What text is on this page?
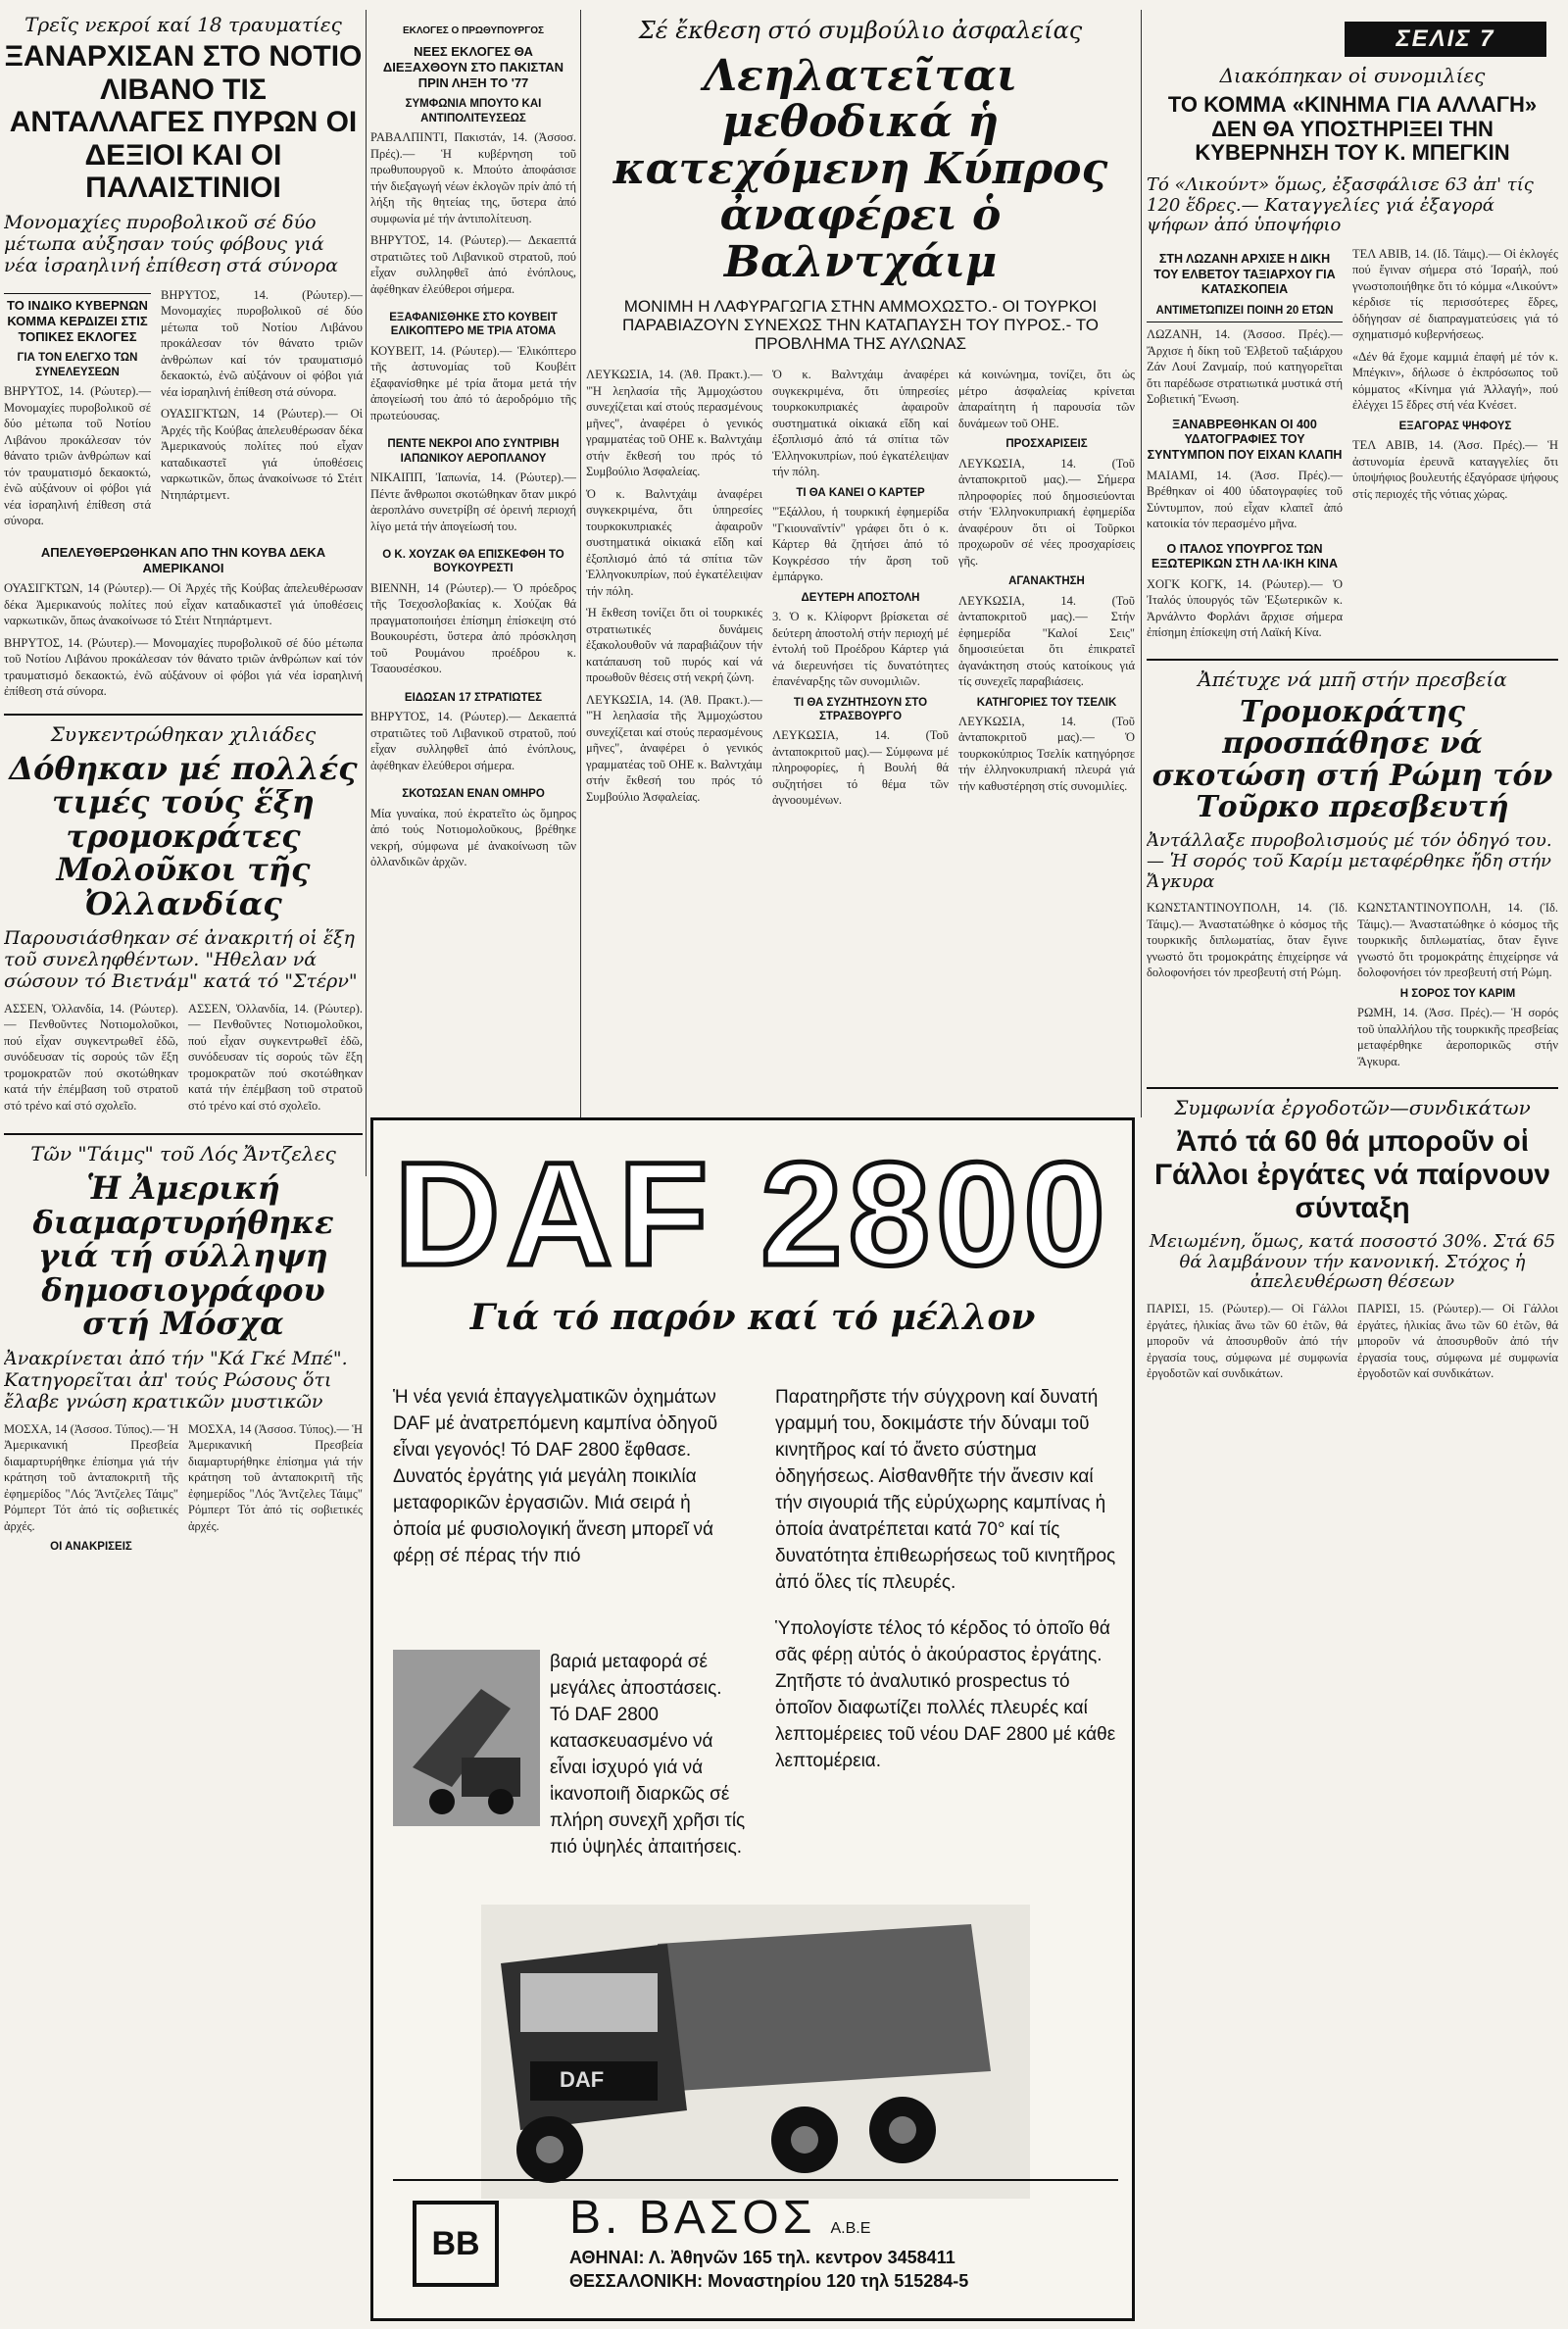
Τρεῖς νεκροί καί 18 τραυματίες
ΞΑΝΑΡΧΙΣΑΝ ΣΤΟ ΝΟΤΙΟ ΛΙΒΑΝΟ ΤΙΣ ΑΝΤΑΛΛΑΓΕΣ ΠΥΡΩΝ ΟΙ ΔΕΞΙΟΙ ΚΑΙ ΟΙ ΠΑΛΑΙΣΤΙΝΙΟΙ
Μονομαχίες πυροβολικοῦ σέ δύο μέτωπα αὐξησαν τούς φόβους γιά νέα ἰσραηλινή ἐπίθεση στά σύνορα
ΤΟ ΙΝΔΙΚΟ ΚΥΒΕΡΝΩΝ ΚΟΜΜΑ ΚΕΡΔΙΖΕΙ ΣΤΙΣ ΤΟΠΙΚΕΣ ΕΚΛΟΓΕΣ
ΓΙΑ ΤΟΝ ΕΛΕΓΧΟ ΤΩΝ ΣΥΝΕΛΕΥΣΕΩΝ

ΒΗΡΥΤΟΣ, 14. (Ρώυτερ).— Μονομαχίες πυροβολικοῦ σέ δύο μέτωπα τοῦ Νοτίου Λιβάνου προκάλεσαν τόν θάνατο τριῶν ἀνθρώπων καί τόν τραυματισμό δεκαοκτώ, ἐνῶ αὐξάνουν οἱ φόβοι γιά νέα ἰσραηλινή ἐπίθεση στά σύνορα.

ΒΗΡΥΤΟΣ, 14. (Ρώυτερ).— Μονομαχίες πυροβολικοῦ σέ δύο μέτωπα τοῦ Νοτίου Λιβάνου προκάλεσαν τόν θάνατο τριῶν ἀνθρώπων καί τόν τραυματισμό δεκαοκτώ, ἐνῶ αὐξάνουν οἱ φόβοι γιά νέα ἰσραηλινή ἐπίθεση στά σύνορα.

ΟΥΑΣΙΓΚΤΩΝ, 14 (Ρώυτερ).— Οἱ Ἀρχές τῆς Κούβας ἀπελευθέρωσαν δέκα Ἀμερικανούς πολίτες πού εἶχαν καταδικαστεῖ γιά ὑποθέσεις ναρκωτικῶν, ὅπως ἀνακοίνωσε τό Στέιτ Ντηπάρτμεντ.

ΑΠΕΛΕΥΘΕΡΩΘΗΚΑΝ ΑΠΟ ΤΗΝ ΚΟΥΒΑ ΔΕΚΑ ΑΜΕΡΙΚΑΝΟΙ

ΟΥΑΣΙΓΚΤΩΝ, 14 (Ρώυτερ).— Οἱ Ἀρχές τῆς Κούβας ἀπελευθέρωσαν δέκα Ἀμερικανούς πολίτες πού εἶχαν καταδικαστεῖ γιά ὑποθέσεις ναρκωτικῶν, ὅπως ἀνακοίνωσε τό Στέιτ Ντηπάρτμεντ.

ΒΗΡΥΤΟΣ, 14. (Ρώυτερ).— Μονομαχίες πυροβολικοῦ σέ δύο μέτωπα τοῦ Νοτίου Λιβάνου προκάλεσαν τόν θάνατο τριῶν ἀνθρώπων καί τόν τραυματισμό δεκαοκτώ, ἐνῶ αὐξάνουν οἱ φόβοι γιά νέα ἰσραηλινή ἐπίθεση στά σύνορα.

Συγκεντρώθηκαν χιλιάδες
Δόθηκαν μέ πολλές τιμές τούς ἕξη τρομοκράτες Μολοῦκοι τῆς Ὀλλανδίας
Παρουσιάσθηκαν σέ ἀνακριτή οἱ ἕξη τοῦ συνεληφθέντων. "Ηθελαν νά σώσουν τό Βιετνάμ" κατά τό "Στέρν"

ΑΣΣΕΝ, Ὀλλανδία, 14. (Ρώυτερ).— Πενθοῦντες Νοτιομολοῦκοι, πού εἶχαν συγκεντρωθεῖ ἐδῶ, συνόδευσαν τίς σορούς τῶν ἕξη τρομοκρατῶν πού σκοτώθηκαν κατά τήν ἐπέμβαση τοῦ στρατοῦ στό τρένο καί στό σχολεῖο.

ΑΣΣΕΝ, Ὀλλανδία, 14. (Ρώυτερ).— Πενθοῦντες Νοτιομολοῦκοι, πού εἶχαν συγκεντρωθεῖ ἐδῶ, συνόδευσαν τίς σορούς τῶν ἕξη τρομοκρατῶν πού σκοτώθηκαν κατά τήν ἐπέμβαση τοῦ στρατοῦ στό τρένο καί στό σχολεῖο.

Τῶν "Τάιμς" τοῦ Λός Ἄντζελες
Ἡ Ἀμερική διαμαρτυρήθηκε γιά τή σύλληψη δημοσιογράφου στή Μόσχα
Ἀνακρίνεται ἀπό τήν "Κά Γκέ Μπέ". Κατηγορεῖται ἀπ' τούς Ρώσους ὅτι ἔλαβε γνώση κρατικῶν μυστικῶν

ΜΟΣΧΑ, 14 (Ἀσσοσ. Τύπος).— Ἡ Ἀμερικανική Πρεσβεία διαμαρτυρήθηκε ἐπίσημα γιά τήν κράτηση τοῦ ἀνταποκριτῆ τῆς ἐφημερίδος "Λός Ἄντζελες Τάιμς" Ρόμπερτ Τότ ἀπό τίς σοβιετικές ἀρχές.

ΟΙ ΑΝΑΚΡΙΣΕΙΣ

ΜΟΣΧΑ, 14 (Ἀσσοσ. Τύπος).— Ἡ Ἀμερικανική Πρεσβεία διαμαρτυρήθηκε ἐπίσημα γιά τήν κράτηση τοῦ ἀνταποκριτῆ τῆς ἐφημερίδος "Λός Ἄντζελες Τάιμς" Ρόμπερτ Τότ ἀπό τίς σοβιετικές ἀρχές.

ΕΚΛΟΓΕΣ Ο ΠΡΩΘΥΠΟΥΡΓΟΣ
ΝΕΕΣ ΕΚΛΟΓΕΣ ΘΑ ΔΙΕΞΑΧΘΟΥΝ ΣΤΟ ΠΑΚΙΣΤΑΝ ΠΡΙΝ ΛΗΞΗ ΤΟ '77
ΣΥΜΦΩΝΙΑ ΜΠΟΥΤΟ ΚΑΙ ΑΝΤΙΠΟΛΙΤΕΥΣΕΩΣ

ΡΑΒΑΛΠΙΝΤΙ, Πακιστάν, 14. (Ἀσσοσ. Πρές).— Ἡ κυβέρνηση τοῦ πρωθυπουργοῦ κ. Μπούτο ἀποφάσισε τήν διεξαγωγή νέων ἐκλογῶν πρίν ἀπό τή λήξη τῆς θητείας της, ὕστερα ἀπό συμφωνία μέ τήν ἀντιπολίτευση.

ΒΗΡΥΤΟΣ, 14. (Ρώυτερ).— Δεκαεπτά στρατιῶτες τοῦ Λιβανικοῦ στρατοῦ, πού εἶχαν συλληφθεῖ ἀπό ἐνόπλους, ἀφέθηκαν ἐλεύθεροι σήμερα.

ΕΞΑΦΑΝΙΣΘΗΚΕ ΣΤΟ ΚΟΥΒΕΙΤ ΕΛΙΚΟΠΤΕΡΟ ΜΕ ΤΡΙΑ ΑΤΟΜΑ

ΚΟΥΒΕΙΤ, 14. (Ρώυτερ).— Ἑλικόπτερο τῆς ἀστυνομίας τοῦ Κουβέιτ ἐξαφανίσθηκε μέ τρία ἄτομα μετά τήν ἀπογείωσή του ἀπό τό ἀεροδρόμιο τῆς πρωτεύουσας.

ΠΕΝΤΕ ΝΕΚΡΟΙ ΑΠΟ ΣΥΝΤΡΙΒΗ ΙΑΠΩΝΙΚΟΥ ΑΕΡΟΠΛΑΝΟΥ

ΝΙΚΑΙΠΠ, Ἰαπωνία, 14. (Ρώυτερ).— Πέντε ἄνθρωποι σκοτώθηκαν ὅταν μικρό ἀεροπλάνο συνετρίβη σέ ὀρεινή περιοχή λίγο μετά τήν ἀπογείωσή του.

Ο Κ. ΧΟΥΖΑΚ ΘΑ ΕΠΙΣΚΕΦΘΗ ΤΟ ΒΟΥΚΟΥΡΕΣΤΙ

ΒΙΕΝΝΗ, 14 (Ρώυτερ).— Ὁ πρόεδρος τῆς Τσεχοσλοβακίας κ. Χούζακ θά πραγματοποιήσει ἐπίσημη ἐπίσκεψη στό Βουκουρέστι, ὕστερα ἀπό πρόσκληση τοῦ Ρουμάνου προέδρου κ. Τσαουσέσκου.

ΕΙΔΩΣΑΝ 17 ΣΤΡΑΤΙΩΤΕΣ

ΒΗΡΥΤΟΣ, 14. (Ρώυτερ).— Δεκαεπτά στρατιῶτες τοῦ Λιβανικοῦ στρατοῦ, πού εἶχαν συλληφθεῖ ἀπό ἐνόπλους, ἀφέθηκαν ἐλεύθεροι σήμερα.

ΣΚΟΤΩΣΑΝ ΕΝΑΝ ΟΜΗΡΟ

Μία γυναίκα, πού ἐκρατεῖτο ὡς ὅμηρος ἀπό τούς Νοτιομολοῦκους, βρέθηκε νεκρή, σύμφωνα μέ ἀνακοίνωση τῶν ὀλλανδικῶν ἀρχῶν.

Σέ ἔκθεση στό συμβούλιο ἀσφαλείας
Λεηλατεῖται μεθοδικά ἡ κατεχόμενη Κύπρος ἀναφέρει ὁ Βαλντχάιμ
ΜΟΝΙΜΗ Η ΛΑΦΥΡΑΓΩΓΙΑ ΣΤΗΝ ΑΜΜΟΧΩΣΤΟ.- ΟΙ ΤΟΥΡΚΟΙ ΠΑΡΑΒΙΑΖΟΥΝ ΣΥΝΕΧΩΣ ΤΗΝ ΚΑΤΑΠΑΥΣΗ ΤΟΥ ΠΥΡΟΣ.- ΤΟ ΠΡΟΒΛΗΜΑ ΤΗΣ ΑΥΛΩΝΑΣ

ΛΕΥΚΩΣΙΑ, 14. (Ἀθ. Πρακτ.).— "Ἡ λεηλασία τῆς Ἀμμοχώστου συνεχίζεται καί στούς περασμένους μῆνες", ἀναφέρει ὁ γενικός γραμματέας τοῦ ΟΗΕ κ. Βαλντχάιμ στήν ἔκθεσή του πρός τό Συμβούλιο Ἀσφαλείας.

Ὁ κ. Βαλντχάιμ ἀναφέρει συγκεκριμένα, ὅτι ὑπηρεσίες τουρκοκυπριακές ἀφαιροῦν συστηματικά οἰκιακά εἴδη καί ἐξοπλισμό ἀπό τά σπίτια τῶν Ἑλληνοκυπρίων, πού ἐγκατέλειψαν τήν πόλη.

Ἡ ἔκθεση τονίζει ὅτι οἱ τουρκικές στρατιωτικές δυνάμεις ἐξακολουθοῦν νά παραβιάζουν τήν κατάπαυση τοῦ πυρός καί νά προωθοῦν θέσεις στή νεκρή ζώνη.

ΛΕΥΚΩΣΙΑ, 14. (Ἀθ. Πρακτ.).— "Ἡ λεηλασία τῆς Ἀμμοχώστου συνεχίζεται καί στούς περασμένους μῆνες", ἀναφέρει ὁ γενικός γραμματέας τοῦ ΟΗΕ κ. Βαλντχάιμ στήν ἔκθεσή του πρός τό Συμβούλιο Ἀσφαλείας.

Ὁ κ. Βαλντχάιμ ἀναφέρει συγκεκριμένα, ὅτι ὑπηρεσίες τουρκοκυπριακές ἀφαιροῦν συστηματικά οἰκιακά εἴδη καί ἐξοπλισμό ἀπό τά σπίτια τῶν Ἑλληνοκυπρίων, πού ἐγκατέλειψαν τήν πόλη.

ΤΙ ΘΑ ΚΑΝΕΙ Ο ΚΑΡΤΕΡ

"Ἐξάλλου, ἡ τουρκική ἐφημερίδα "Γκιουναϊντίν" γράφει ὅτι ὁ κ. Κάρτερ θά ζητήσει ἀπό τό Κογκρέσσο τήν ἄρση τοῦ ἐμπάργκο.

ΔΕΥΤΕΡΗ ΑΠΟΣΤΟΛΗ

3. Ὁ κ. Κλίφορντ βρίσκεται σέ δεύτερη ἀποστολή στήν περιοχή μέ ἐντολή τοῦ Προέδρου Κάρτερ γιά νά διερευνήσει τίς δυνατότητες ἐπανέναρξης τῶν συνομιλιῶν.

ΤΙ ΘΑ ΣΥΖΗΤΗΣΟΥΝ ΣΤΟ ΣΤΡΑΣΒΟΥΡΓΟ

ΛΕΥΚΩΣΙΑ, 14. (Τοῦ ἀνταποκριτοῦ μας).— Σύμφωνα μέ πληροφορίες, ἡ Βουλή θά συζητήσει τό θέμα τῶν ἀγνοουμένων.

κά κοινώνημα, τονίζει, ὅτι ὡς μέτρο ἀσφαλείας κρίνεται ἀπαραίτητη ἡ παρουσία τῶν δυνάμεων τοῦ ΟΗΕ.

ΠΡΟΣΧΑΡΙΣΕΙΣ

ΛΕΥΚΩΣΙΑ, 14. (Τοῦ ἀνταποκριτοῦ μας).— Σήμερα πληροφορίες πού δημοσιεύονται στήν Ἑλληνοκυπριακή ἐφημερίδα ἀναφέρουν ὅτι οἱ Τοῦρκοι προχωροῦν σέ νέες προσχαρίσεις γῆς.

ΑΓΑΝΑΚΤΗΣΗ

ΛΕΥΚΩΣΙΑ, 14. (Τοῦ ἀνταποκριτοῦ μας).— Στήν ἐφημερίδα "Καλοί Σεις" δημοσιεύεται ὅτι ἐπικρατεῖ ἀγανάκτηση στούς κατοίκους γιά τίς συνεχεῖς παραβιάσεις.

ΚΑΤΗΓΟΡΙΕΣ ΤΟΥ ΤΣΕΛΙΚ

ΛΕΥΚΩΣΙΑ, 14. (Τοῦ ἀνταποκριτοῦ μας).— Ὁ τουρκοκύπριος Τσελίκ κατηγόρησε τήν ἑλληνοκυπριακή πλευρά γιά τήν καθυστέρηση στίς συνομιλίες.

ΣΕΛΙΣ 7
Διακόπηκαν οἱ συνομιλίες
ΤΟ ΚΟΜΜΑ «ΚΙΝΗΜΑ ΓΙΑ ΑΛΛΑΓΗ» ΔΕΝ ΘΑ ΥΠΟΣΤΗΡΙΞΕΙ ΤΗΝ ΚΥΒΕΡΝΗΣΗ ΤΟΥ Κ. ΜΠΕΓΚΙΝ
Τό «Λικούντ» ὅμως, ἐξασφάλισε 63 ἀπ' τίς 120 ἕδρες.— Καταγγελίες γιά ἐξαγορά ψήφων ἀπό ὑποψήφιο
ΣΤΗ ΛΩΖΑΝΗ ΑΡΧΙΣΕ Η ΔΙΚΗ ΤΟΥ ΕΛΒΕΤΟΥ ΤΑΞΙΑΡΧΟΥ ΓΙΑ ΚΑΤΑΣΚΟΠΕΙΑ
ΑΝΤΙΜΕΤΩΠΙΖΕΙ ΠΟΙΝΗ 20 ΕΤΩΝ

ΛΩΖΑΝΗ, 14. (Ἀσσοσ. Πρές).— Ἄρχισε ἡ δίκη τοῦ Ἑλβετοῦ ταξιάρχου Ζάν Λουί Ζανμαίρ, πού κατηγορεῖται ὅτι παρέδωσε στρατιωτικά μυστικά στή Σοβιετική Ἕνωση.

ΞΑΝΑΒΡΕΘΗΚΑΝ ΟΙ 400 ΥΔΑΤΟΓΡΑΦΙΕΣ ΤΟΥ ΣΥΝΤΥΜΠΟΝ ΠΟΥ ΕΙΧΑΝ ΚΛΑΠΗ

ΜΑΙΑΜΙ, 14. (Ἀσσ. Πρές).— Βρέθηκαν οἱ 400 ὑδατογραφίες τοῦ Σύντυμπον, πού εἶχαν κλαπεῖ ἀπό κατοικία τόν περασμένο μῆνα.

Ο ΙΤΑΛΟΣ ΥΠΟΥΡΓΟΣ ΤΩΝ ΕΞΩΤΕΡΙΚΩΝ ΣΤΗ ΛΑ·ΙΚΗ ΚΙΝΑ

ΧΟΓΚ ΚΟΓΚ, 14. (Ρώυτερ).— Ὁ Ἰταλός ὑπουργός τῶν Ἐξωτερικῶν κ. Ἀρνάλντο Φορλάνι ἄρχισε σήμερα ἐπίσημη ἐπίσκεψη στή Λαϊκή Κίνα.

ΤΕΛ ΑΒΙΒ, 14. (Ιδ. Τάιμς).— Οἱ ἐκλογές πού ἔγιναν σήμερα στό Ἰσραήλ, πού γνωστοποιήθηκε ὅτι τό κόμμα «Λικούντ» κέρδισε τίς περισσότερες ἕδρες, ὁδήγησαν σέ διαπραγματεύσεις γιά τό σχηματισμό κυβερνήσεως.

«Δέν θά ἔχομε καμμιά ἐπαφή μέ τόν κ. Μπέγκιν», δήλωσε ὁ ἐκπρόσωπος τοῦ κόμματος «Κίνημα γιά Ἀλλαγή», πού ἐλέγχει 15 ἕδρες στή νέα Κνέσετ.

ΕΞΑΓΟΡΑΣ ΨΗΦΟΥΣ

ΤΕΛ ΑΒΙΒ, 14. (Ἀσσ. Πρές).— Ἡ ἀστυνομία ἐρευνᾶ καταγγελίες ὅτι ὑποψήφιος βουλευτής ἐξαγόρασε ψήφους στίς περιοχές τῆς νότιας χώρας.

Ἀπέτυχε νά μπῆ στήν πρεσβεία
Τρομοκράτης προσπάθησε νά σκοτώση στή Ρώμη τόν Τοῦρκο πρεσβευτή
Ἀντάλλαξε πυροβολισμούς μέ τόν ὁδηγό του.— Ἡ σορός τοῦ Καρίμ μεταφέρθηκε ἤδη στήν Ἄγκυρα

ΚΩΝΣΤΑΝΤΙΝΟΥΠΟΛΗ, 14. (Ἰδ. Τάιμς).— Ἀναστατώθηκε ὁ κόσμος τῆς τουρκικῆς διπλωματίας, ὅταν ἔγινε γνωστό ὅτι τρομοκράτης ἐπιχείρησε νά δολοφονήσει τόν πρεσβευτή στή Ρώμη.

ΚΩΝΣΤΑΝΤΙΝΟΥΠΟΛΗ, 14. (Ἰδ. Τάιμς).— Ἀναστατώθηκε ὁ κόσμος τῆς τουρκικῆς διπλωματίας, ὅταν ἔγινε γνωστό ὅτι τρομοκράτης ἐπιχείρησε νά δολοφονήσει τόν πρεσβευτή στή Ρώμη.

Η ΣΟΡΟΣ ΤΟΥ ΚΑΡΙΜ

ΡΩΜΗ, 14. (Ἀσσ. Πρές).— Ἡ σορός τοῦ ὑπαλλήλου τῆς τουρκικῆς πρεσβείας μεταφέρθηκε ἀεροπορικῶς στήν Ἄγκυρα.

Συμφωνία ἐργοδοτῶν—συνδικάτων
Ἀπό τά 60 θά μποροῦν οἱ Γάλλοι ἐργάτες νά παίρνουν σύνταξη
Μειωμένη, ὅμως, κατά ποσοστό 30%. Στά 65 θά λαμβάνουν τήν κανονική. Στόχος ἡ ἀπελευθέρωση θέσεων

ΠΑΡΙΣΙ, 15. (Ρώυτερ).— Οἱ Γάλλοι ἐργάτες, ἡλικίας ἄνω τῶν 60 ἐτῶν, θά μποροῦν νά ἀποσυρθοῦν ἀπό τήν ἐργασία τους, σύμφωνα μέ συμφωνία ἐργοδοτῶν καί συνδικάτων.

ΠΑΡΙΣΙ, 15. (Ρώυτερ).— Οἱ Γάλλοι ἐργάτες, ἡλικίας ἄνω τῶν 60 ἐτῶν, θά μποροῦν νά ἀποσυρθοῦν ἀπό τήν ἐργασία τους, σύμφωνα μέ συμφωνία ἐργοδοτῶν καί συνδικάτων.

DAF 2800
Γιά τό παρόν καί τό μέλλον

Ἡ νέα γενιά ἐπαγγελματικῶν ὀχημάτων DAF μέ ἀνατρεπόμενη καμπίνα ὁδηγοῦ εἶναι γεγονός! Τό DAF 2800 ἔφθασε. Δυνατός ἐργάτης γιά μεγάλη ποικιλία μεταφορικῶν ἐργασιῶν. Μιά σειρά ἡ ὁποία μέ φυσιολογική ἄνεση μπορεῖ νά φέρῃ σέ πέρας τήν πιό

Παρατηρῆστε τήν σύγχρονη καί δυνατή γραμμή του, δοκιμάστε τήν δύναμι τοῦ κινητῆρος καί τό ἄνετο σύστημα ὁδηγήσεως. Αἰσθανθῆτε τήν ἄνεσιν καί τήν σιγουριά τῆς εὐρύχωρης καμπίνας ἡ ὁποία ἀνατρέπεται κατά 70° καί τίς δυνατότητα ἐπιθεωρήσεως τοῦ κινητῆρος ἀπό ὅλες τίς πλευρές.

Ὑπολογίστε τέλος τό κέρδος τό ὁποῖο θά σᾶς φέρῃ αὐτός ὁ ἀκούραστος ἐργάτης. Ζητῆστε τό ἀναλυτικό prospectus τό ὁποῖον διαφωτίζει πολλές πλευρές καί λεπτομέρειες τοῦ νέου DAF 2800 μέ κάθε λεπτομέρεια.

βαριά μεταφορά σέ μεγάλες ἀποστάσεις. Τό DAF 2800 κατασκευασμένο νά εἶναι ἰσχυρό γιά νά ἱκανοποιῆ διαρκῶς σέ πλήρη συνεχῆ χρῆσι τίς πιό ὑψηλές ἀπαιτήσεις.

DAF
ΒΒ	Β. ΒΑΣΟΣ Α.Β.Ε
ΑΘΗΝΑΙ: Λ. Ἀθηνῶν 165 τηλ. κεντρον 3458411
ΘΕΣΣΑΛΟΝΙΚΗ: Μοναστηρίου 120 τηλ 515284-5
